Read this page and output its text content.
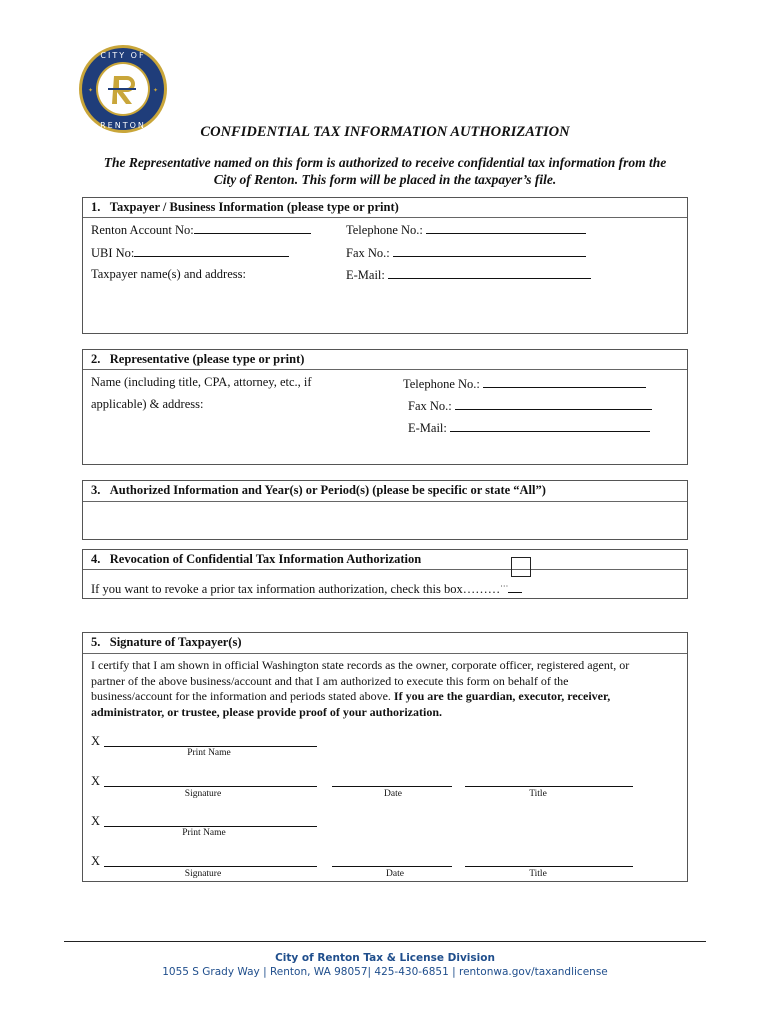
CITY OF
RENTON
✦	✦
CONFIDENTIAL TAX INFORMATION AUTHORIZATION
The Representative named on this form is authorized to receive confidential tax information from the
City of Renton. This form will be placed in the taxpayer’s file.
1.   Taxpayer / Business Information (please type or print)
Renton Account No:
UBI No:
Taxpayer name(s) and address:
Telephone No.:
Fax No.:
E-Mail:
2.   Representative (please type or print)
Name (including title, CPA, attorney, etc., if
applicable) & address:
Telephone No.:
Fax No.:
E-Mail:
3.   Authorized Information and Year(s) or Period(s) (please be specific or state “All”)
4.   Revocation of Confidential Tax Information Authorization
If you want to revoke a prior tax information authorization, check this box………···
5.   Signature of Taxpayer(s)
I certify that I am shown in official Washington state records as the owner, corporate officer, registered agent, or
partner of the above business/account and that I am authorized to execute this form on behalf of the
business/account for the information and periods stated above. If you are the guardian, executor, receiver,
administrator, or trustee, please provide proof of your authorization.
X
Print Name
X
Signature	Date	Title
X
Print Name
X
Signature	Date	Title
City of Renton Tax & License Division
1055 S Grady Way | Renton, WA 98057| 425-430-6851 | rentonwa.gov/taxandlicense
